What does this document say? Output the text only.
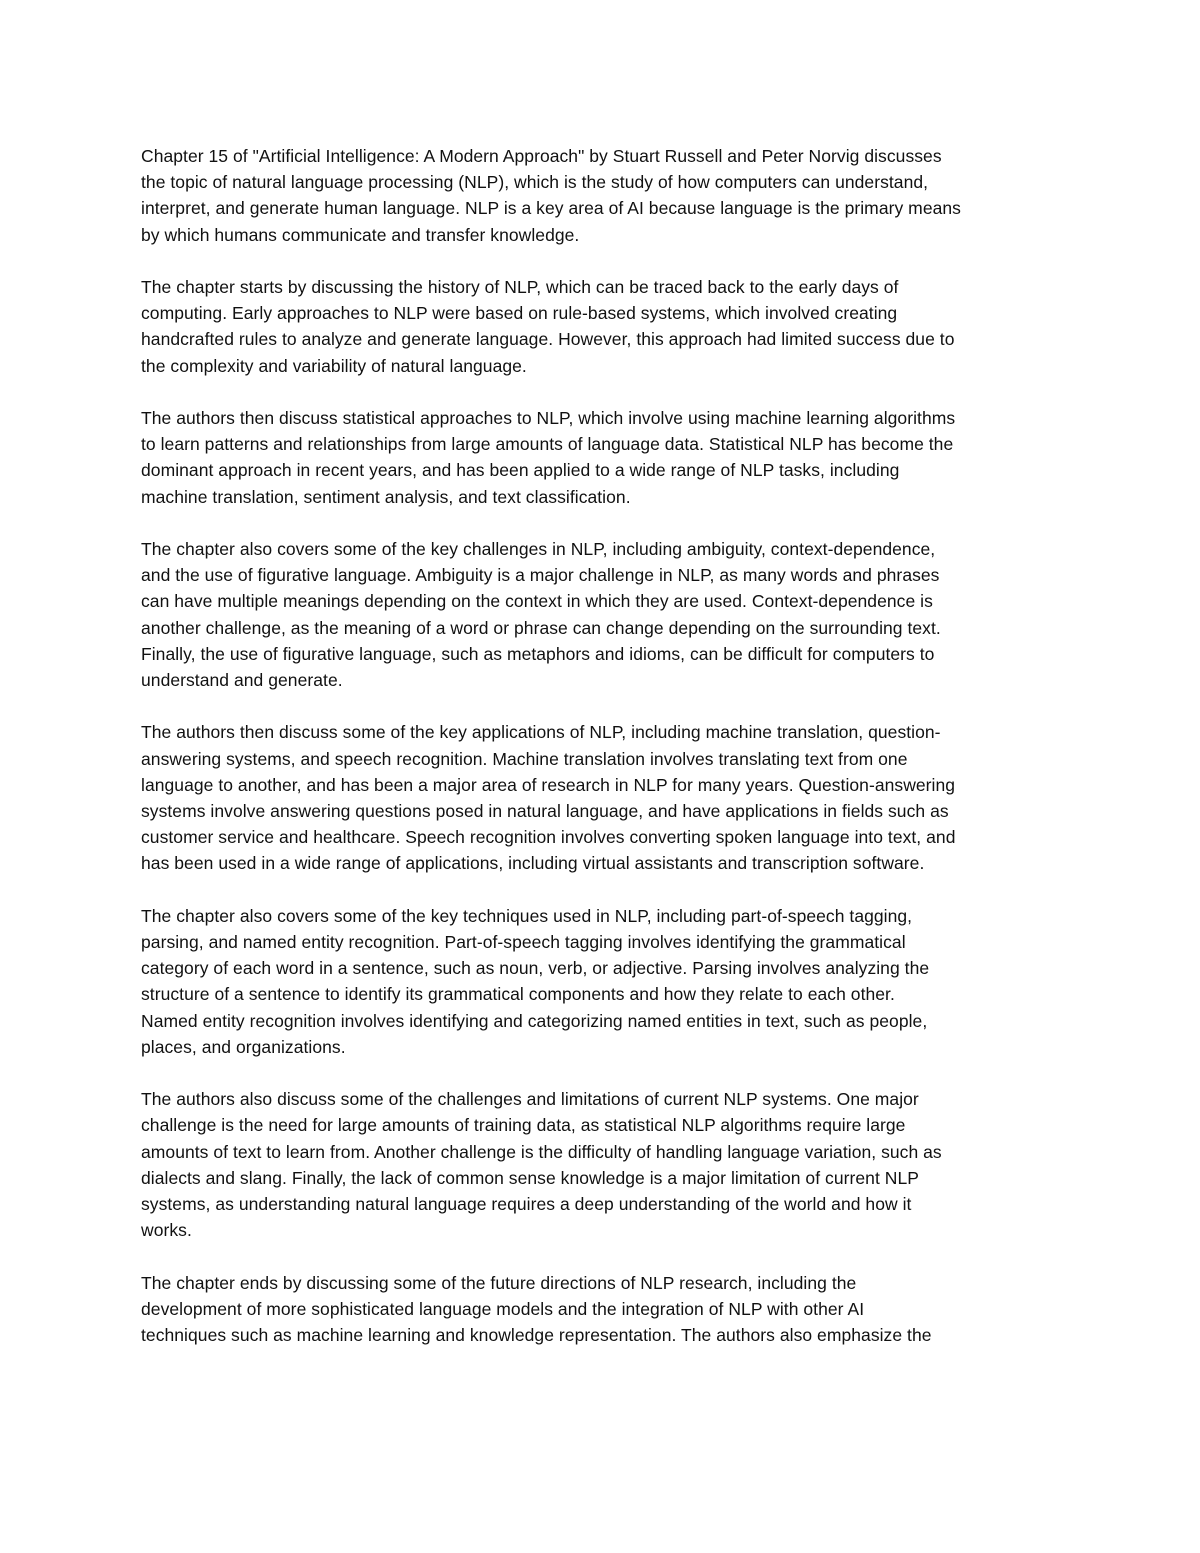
Chapter 15 of "Artificial Intelligence: A Modern Approach" by Stuart Russell and Peter Norvig discusses
the topic of natural language processing (NLP), which is the study of how computers can understand,
interpret, and generate human language. NLP is a key area of AI because language is the primary means
by which humans communicate and transfer knowledge.
The chapter starts by discussing the history of NLP, which can be traced back to the early days of
computing. Early approaches to NLP were based on rule-based systems, which involved creating
handcrafted rules to analyze and generate language. However, this approach had limited success due to
the complexity and variability of natural language.
The authors then discuss statistical approaches to NLP, which involve using machine learning algorithms
to learn patterns and relationships from large amounts of language data. Statistical NLP has become the
dominant approach in recent years, and has been applied to a wide range of NLP tasks, including
machine translation, sentiment analysis, and text classification.
The chapter also covers some of the key challenges in NLP, including ambiguity, context-dependence,
and the use of figurative language. Ambiguity is a major challenge in NLP, as many words and phrases
can have multiple meanings depending on the context in which they are used. Context-dependence is
another challenge, as the meaning of a word or phrase can change depending on the surrounding text.
Finally, the use of figurative language, such as metaphors and idioms, can be difficult for computers to
understand and generate.
The authors then discuss some of the key applications of NLP, including machine translation, question-
answering systems, and speech recognition. Machine translation involves translating text from one
language to another, and has been a major area of research in NLP for many years. Question-answering
systems involve answering questions posed in natural language, and have applications in fields such as
customer service and healthcare. Speech recognition involves converting spoken language into text, and
has been used in a wide range of applications, including virtual assistants and transcription software.
The chapter also covers some of the key techniques used in NLP, including part-of-speech tagging,
parsing, and named entity recognition. Part-of-speech tagging involves identifying the grammatical
category of each word in a sentence, such as noun, verb, or adjective. Parsing involves analyzing the
structure of a sentence to identify its grammatical components and how they relate to each other.
Named entity recognition involves identifying and categorizing named entities in text, such as people,
places, and organizations.
The authors also discuss some of the challenges and limitations of current NLP systems. One major
challenge is the need for large amounts of training data, as statistical NLP algorithms require large
amounts of text to learn from. Another challenge is the difficulty of handling language variation, such as
dialects and slang. Finally, the lack of common sense knowledge is a major limitation of current NLP
systems, as understanding natural language requires a deep understanding of the world and how it
works.
The chapter ends by discussing some of the future directions of NLP research, including the
development of more sophisticated language models and the integration of NLP with other AI
techniques such as machine learning and knowledge representation. The authors also emphasize the
